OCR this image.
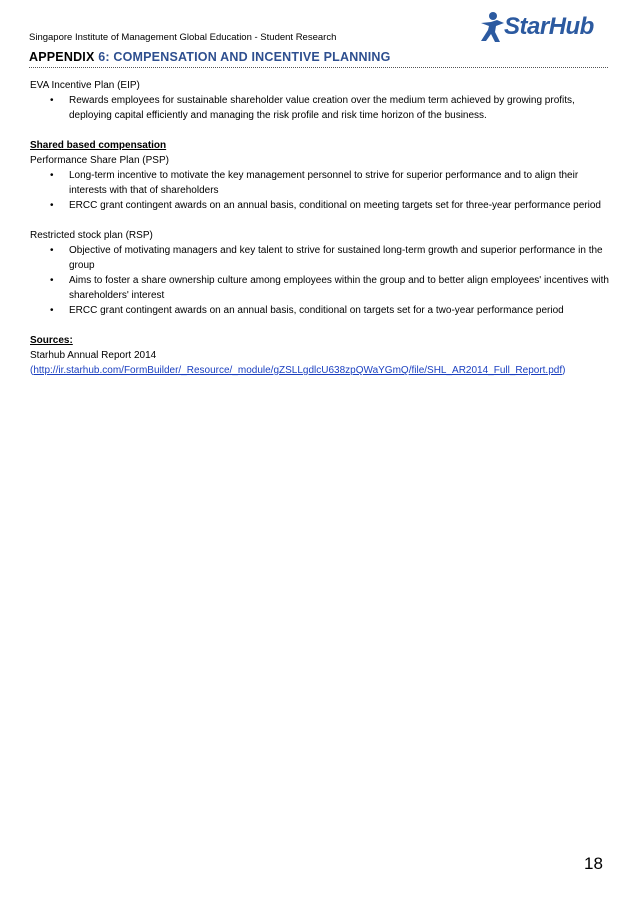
Singapore Institute of Management Global Education - Student Research	StarHub
APPENDIX 6: COMPENSATION AND INCENTIVE PLANNING

EVA Incentive Plan (EIP)

• Rewards employees for sustainable shareholder value creation over the medium term achieved by growing profits, deploying capital efficiently and managing the risk profile and risk time horizon of the business.

Shared based compensation

Performance Share Plan (PSP)

• Long-term incentive to motivate the key management personnel to strive for superior performance and to align their interests with that of shareholders
• ERCC grant contingent awards on an annual basis, conditional on meeting targets set for three-year performance period

Restricted stock plan (RSP)

• Objective of motivating managers and key talent to strive for sustained long-term growth and superior performance in the group
• Aims to foster a share ownership culture among employees within the group and to better align employees' incentives with shareholders' interest
• ERCC grant contingent awards on an annual basis, conditional on targets set for a two-year performance period

Sources:

Starhub Annual Report 2014

(http://ir.starhub.com/FormBuilder/_Resource/_module/gZSLLgdlcU638zpQWaYGmQ/file/SHL_AR2014_Full_Report.pdf)

18
